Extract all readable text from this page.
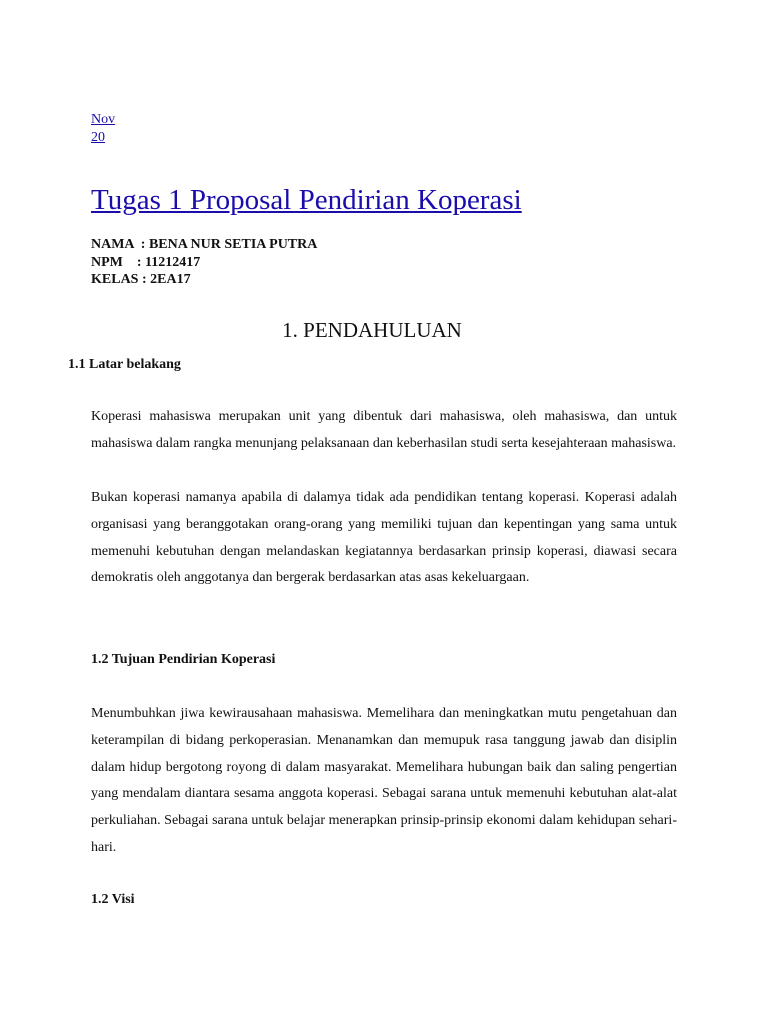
Nov
20
Tugas 1 Proposal Pendirian Koperasi
NAMA  : BENA NUR SETIA PUTRA
NPM    : 11212417
KELAS : 2EA17
1. PENDAHULUAN
1.1 Latar belakang

Koperasi mahasiswa merupakan unit yang dibentuk dari mahasiswa, oleh mahasiswa, dan untuk mahasiswa dalam rangka menunjang pelaksanaan dan keberhasilan studi serta kesejahteraan mahasiswa.

Bukan koperasi namanya apabila di dalamya tidak ada pendidikan tentang koperasi. Koperasi adalah organisasi yang beranggotakan orang-orang yang memiliki tujuan dan kepentingan yang sama untuk memenuhi kebutuhan dengan melandaskan kegiatannya berdasarkan prinsip koperasi, diawasi secara demokratis oleh anggotanya dan bergerak berdasarkan atas asas kekeluargaan.

1.2 Tujuan Pendirian Koperasi

Menumbuhkan jiwa kewirausahaan mahasiswa. Memelihara dan meningkatkan mutu pengetahuan dan keterampilan di bidang perkoperasian. Menanamkan dan memupuk rasa tanggung jawab dan disiplin dalam hidup bergotong royong di dalam masyarakat. Memelihara hubungan baik dan saling pengertian yang mendalam diantara sesama anggota koperasi. Sebagai sarana untuk memenuhi kebutuhan alat-alat perkuliahan. Sebagai sarana untuk belajar menerapkan prinsip-prinsip ekonomi dalam kehidupan sehari-hari.

1.2 Visi
